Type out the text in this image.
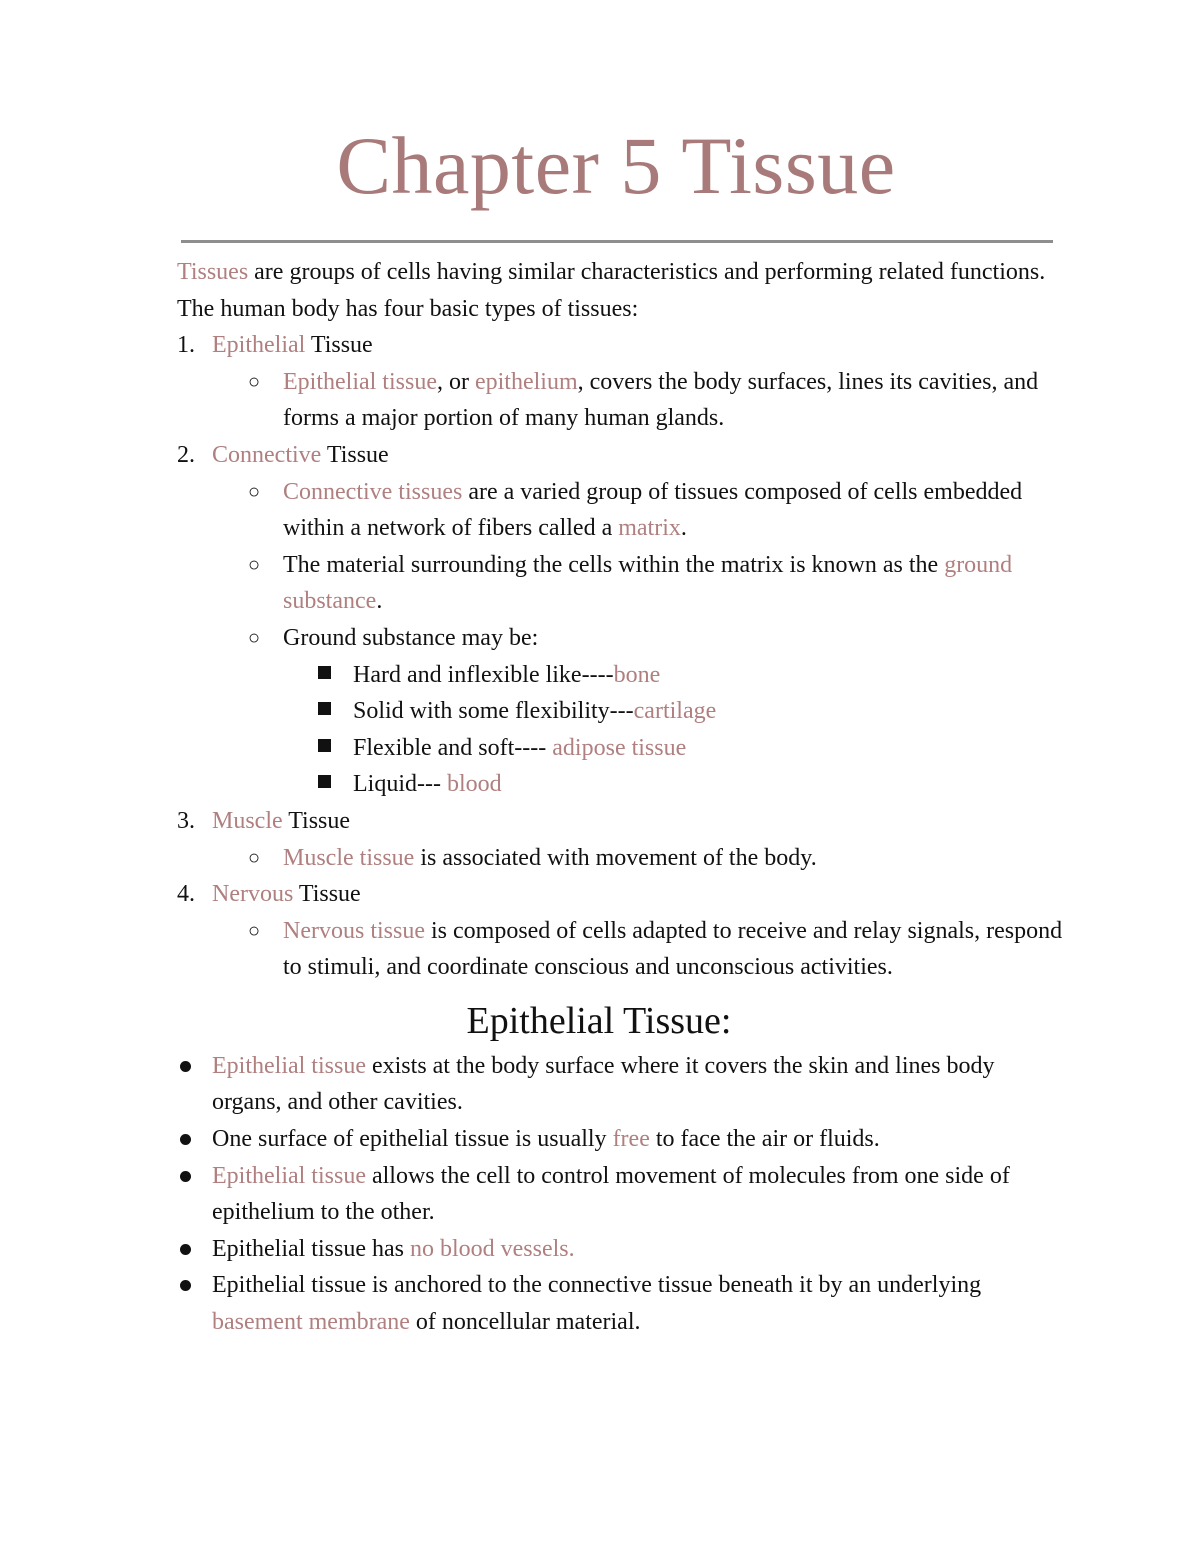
Chapter 5 Tissue

Tissues are groups of cells having similar characteristics and performing related functions.

The human body has four basic types of tissues:

1. Epithelial Tissue

○ Epithelial tissue, or epithelium, covers the body surfaces, lines its cavities, and forms a major portion of many human glands.

2. Connective Tissue

○ Connective tissues are a varied group of tissues composed of cells embedded within a network of fibers called a matrix.

○ The material surrounding the cells within the matrix is known as the ground substance.

○ Ground substance may be:

Hard and inflexible like----bone

Solid with some flexibility---cartilage

Flexible and soft---- adipose tissue

Liquid--- blood

3. Muscle Tissue

○ Muscle tissue is associated with movement of the body.

4. Nervous Tissue

○ Nervous tissue is composed of cells adapted to receive and relay signals, respond to stimuli, and coordinate conscious and unconscious activities.

Epithelial Tissue:

Epithelial tissue exists at the body surface where it covers the skin and lines body organs, and other cavities.

One surface of epithelial tissue is usually free to face the air or fluids.

Epithelial tissue allows the cell to control movement of molecules from one side of epithelium to the other.

Epithelial tissue has no blood vessels.

Epithelial tissue is anchored to the connective tissue beneath it by an underlying basement membrane of noncellular material.
